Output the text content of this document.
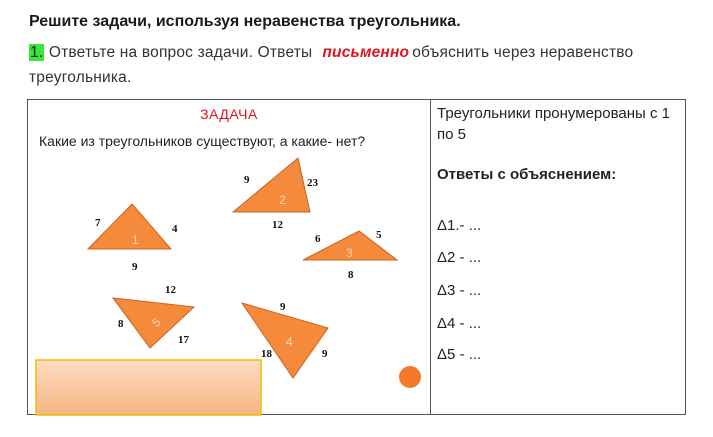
Решите задачи, используя неравенства треугольника.
1. Ответьте на вопрос задачи. Ответы письменно объяснить через неравенство треугольника.
ЗАДАЧА
Какие из треугольников существуют, а какие- нет?
1
7	4
9
2
9	23
12
3
6	5
8
5
12
8
17	4
9
18	9
Треугольники пронумерованы с 1 по 5
Ответы с объяснением:
Δ1.- ...
Δ2 - ...
Δ3 - ...
Δ4 - ...
Δ5 - ...
